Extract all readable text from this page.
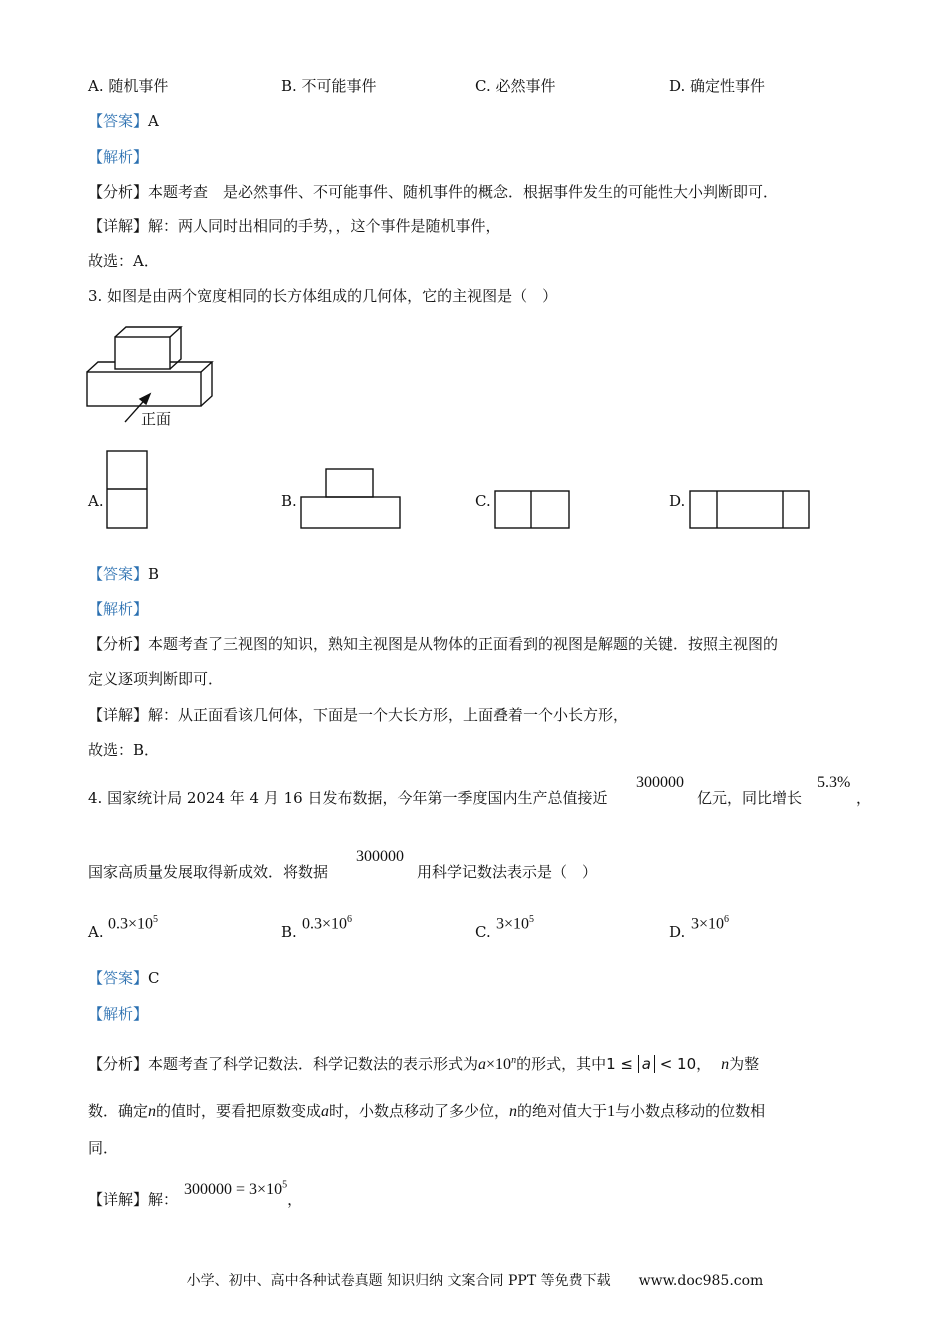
A. 随机事件	B. 不可能事件	C. 必然事件	D. 确定性事件
【答案】A
【解析】
【分析】本题考查　是必然事件、不可能事件、随机事件的概念．根据事件发生的可能性大小判断即可．
【详解】解：两人同时出相同的手势，，这个事件是随机事件，
故选：A．
3. 如图是由两个宽度相同的长方体组成的几何体，它的主视图是（　）
正面
A.	B.	C.	D.
【答案】B
【解析】
【分析】本题考查了三视图的知识，熟知主视图是从物体的正面看到的视图是解题的关键．按照主视图的
定义逐项判断即可．
【详解】解：从正面看该几何体，下面是一个大长方形，上面叠着一个小长方形，
故选：B．
4. 国家统计局 2024 年 4 月 16 日发布数据，今年第一季度国内生产总值接近
300000
亿元，同比增长
5.3%
，
国家高质量发展取得新成效．将数据
300000
用科学记数法表示是（　）
A. $0.3\times 10^5$
B. $0.3\times 10^6$
C. $3\times 10^5$
D. $3\times 10^6$
【答案】C
【解析】
【分析】本题考查了科学记数法．科学记数法的表示形式为$a\times 10^n$的形式，其中1 ≤ a < 10， n为整
数．确定n的值时，要看把原数变成a时，小数点移动了多少位，n的绝对值大于1与小数点移动的位数相
同．
【详解】解：$300000 = 3\times 10^5$，
小学、初中、高中各种试卷真题 知识归纳 文案合同 PPT 等免费下载　　www.doc985.com
